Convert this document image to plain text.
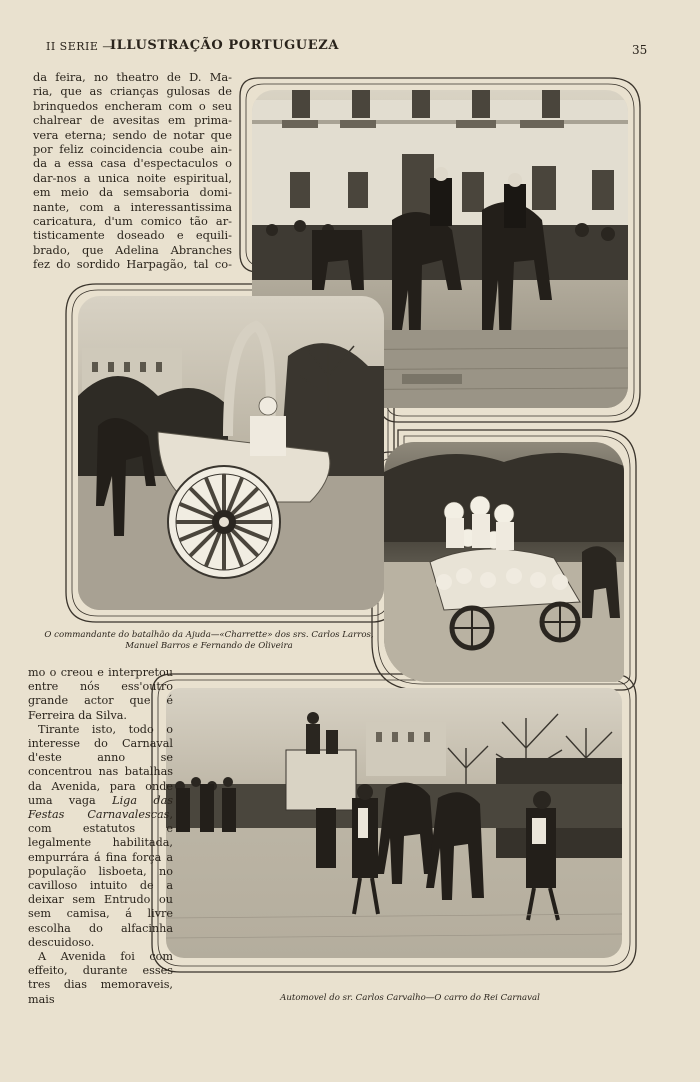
II SERIE —
ILLUSTRAÇÃO PORTUGUEZA	35
da feira, no theatro de D. Ma-
ria, que as crianças gulosas de
brinquedos encheram com o seu
chalrear de avesitas em prima-
vera eterna; sendo de notar que
por feliz coincidencia coube ain-
da a essa casa d'espectaculos o
dar-nos a unica noite espiritual,
em meio da semsaboria domi-
nante, com a interessantissima
caricatura, d'um comico tão ar-
tisticamente doseado e equili-
brado, que Adelina Abranches
fez do sordido Harpagão, tal co-
O commandante do batalhão da Ajuda—«Charrette» dos srs. Carlos Larros, Manuel Barros e Fernando de Oliveira

mo o creou e interpretou entre nós ess'outro grande actor que é Ferreira da Silva.

Tirante isto, todo o interesse do Carnaval d'este anno se concentrou nas batalhas da Avenida, para onde uma vaga Liga das Festas Carnavalescas, com estatutos e legalmente habilitada, empurrára á fina força a população lisboeta, no cavilloso intuito de a deixar sem Entrudo ou sem camisa, á livre escolha do alfacinha descuidoso.

A Avenida foi com effeito, durante esses tres dias memoraveis, mais	Automovel do sr. Carlos Carvalho—O carro do Rei Carnaval
